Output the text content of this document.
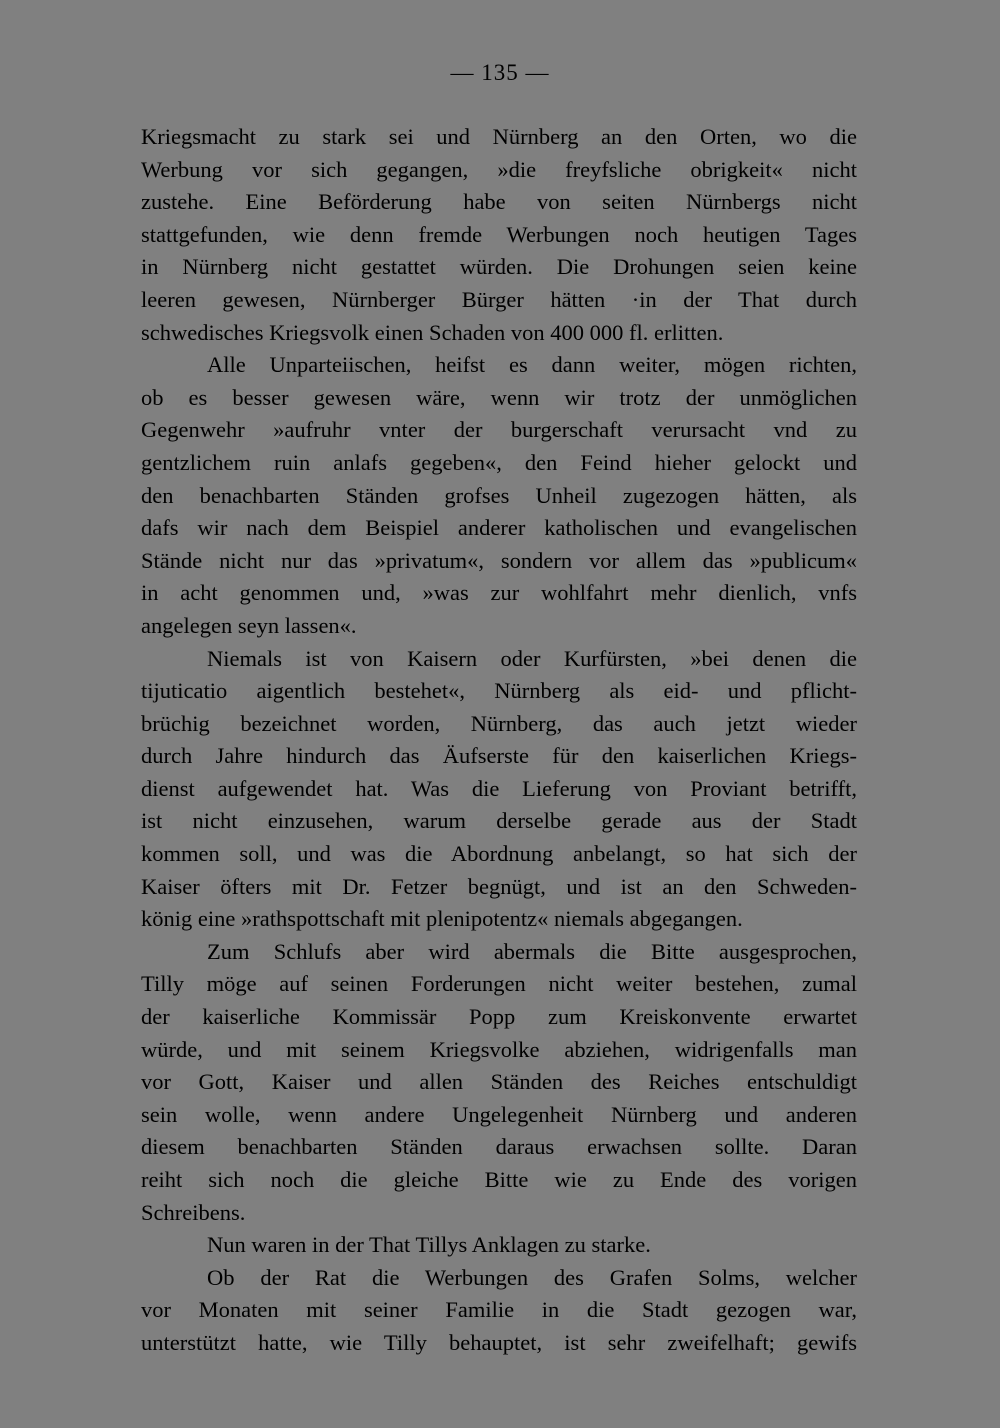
— 135 —
Kriegsmacht zu stark sei und Nürnberg an den Orten, wo die
Werbung vor sich gegangen, »die freyfsliche obrigkeit« nicht
zustehe. Eine Beförderung habe von seiten Nürnbergs nicht
stattgefunden, wie denn fremde Werbungen noch heutigen Tages
in Nürnberg nicht gestattet würden. Die Drohungen seien keine
leeren gewesen, Nürnberger Bürger hätten ·in der That durch
schwedisches Kriegsvolk einen Schaden von 400 000 fl. erlitten.
Alle Unparteiischen, heifst es dann weiter, mögen richten,
ob es besser gewesen wäre, wenn wir trotz der unmöglichen
Gegenwehr »aufruhr vnter der burgerschaft verursacht vnd zu
gentzlichem ruin anlafs gegeben«, den Feind hieher gelockt und
den benachbarten Ständen grofses Unheil zugezogen hätten, als
dafs wir nach dem Beispiel anderer katholischen und evangelischen
Stände nicht nur das »privatum«, sondern vor allem das »publicum«
in acht genommen und, »was zur wohlfahrt mehr dienlich, vnfs
angelegen seyn lassen«.
Niemals ist von Kaisern oder Kurfürsten, »bei denen die
tijuticatio aigentlich bestehet«, Nürnberg als eid- und pflicht-
brüchig bezeichnet worden, Nürnberg, das auch jetzt wieder
durch Jahre hindurch das Äufserste für den kaiserlichen Kriegs-
dienst aufgewendet hat. Was die Lieferung von Proviant betrifft,
ist nicht einzusehen, warum derselbe gerade aus der Stadt
kommen soll, und was die Abordnung anbelangt, so hat sich der
Kaiser öfters mit Dr. Fetzer begnügt, und ist an den Schweden-
könig eine »rathspottschaft mit plenipotentz« niemals abgegangen.
Zum Schlufs aber wird abermals die Bitte ausgesprochen,
Tilly möge auf seinen Forderungen nicht weiter bestehen, zumal
der kaiserliche Kommissär Popp zum Kreiskonvente erwartet
würde, und mit seinem Kriegsvolke abziehen, widrigenfalls man
vor Gott, Kaiser und allen Ständen des Reiches entschuldigt
sein wolle, wenn andere Ungelegenheit Nürnberg und anderen
diesem benachbarten Ständen daraus erwachsen sollte. Daran
reiht sich noch die gleiche Bitte wie zu Ende des vorigen
Schreibens.
Nun waren in der That Tillys Anklagen zu starke.
Ob der Rat die Werbungen des Grafen Solms, welcher
vor Monaten mit seiner Familie in die Stadt gezogen war,
unterstützt hatte, wie Tilly behauptet, ist sehr zweifelhaft; gewifs
